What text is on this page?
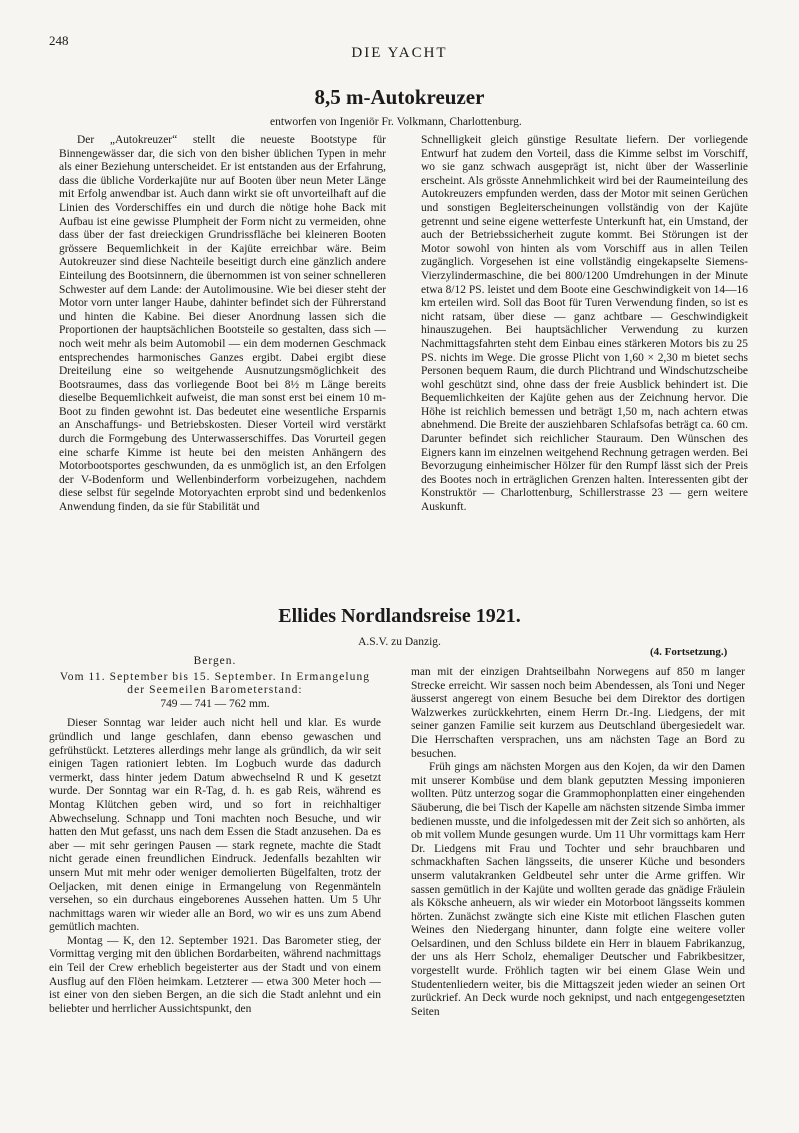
248
DIE YACHT
8,5 m-Autokreuzer
entworfen von Ingeniör Fr. Volkmann, Charlottenburg.

Der „Autokreuzer“ stellt die neueste Bootstype für Binnengewässer dar, die sich von den bisher üblichen Typen in mehr als einer Beziehung unterscheidet. Er ist entstanden aus der Erfahrung, dass die übliche Vorderkajüte nur auf Booten über neun Meter Länge mit Erfolg anwendbar ist. Auch dann wirkt sie oft unvorteilhaft auf die Linien des Vorderschiffes ein und durch die nötige hohe Back mit Aufbau ist eine gewisse Plumpheit der Form nicht zu vermeiden, ohne dass über der fast dreieckigen Grundrissfläche bei kleineren Booten grössere Bequemlichkeit in der Kajüte erreichbar wäre. Beim Autokreuzer sind diese Nachteile beseitigt durch eine gänzlich andere Einteilung des Bootsinnern, die übernommen ist von seiner schnelleren Schwester auf dem Lande: der Autolimousine. Wie bei dieser steht der Motor vorn unter langer Haube, dahinter befindet sich der Führerstand und hinten die Kabine. Bei dieser Anordnung lassen sich die Proportionen der hauptsächlichen Bootsteile so gestalten, dass sich — noch weit mehr als beim Automobil — ein dem modernen Geschmack entsprechendes harmonisches Ganzes ergibt. Dabei ergibt diese Dreiteilung eine so weitgehende Ausnutzungsmöglichkeit des Bootsraumes, dass das vorliegende Boot bei 8½ m Länge bereits dieselbe Bequemlichkeit aufweist, die man sonst erst bei einem 10 m-Boot zu finden gewohnt ist. Das bedeutet eine wesentliche Ersparnis an Anschaffungs- und Betriebskosten. Dieser Vorteil wird verstärkt durch die Formgebung des Unterwasserschiffes. Das Vorurteil gegen eine scharfe Kimme ist heute bei den meisten Anhängern des Motorbootsportes geschwunden, da es unmöglich ist, an den Erfolgen der V-Bodenform und Wellenbinderform vorbeizugehen, nachdem diese selbst für segelnde Motoryachten erprobt sind und bedenkenlos Anwendung finden, da sie für Stabilität und

Schnelligkeit gleich günstige Resultate liefern. Der vorliegende Entwurf hat zudem den Vorteil, dass die Kimme selbst im Vorschiff, wo sie ganz schwach ausgeprägt ist, nicht über der Wasserlinie erscheint. Als grösste Annehmlichkeit wird bei der Raumeinteilung des Autokreuzers empfunden werden, dass der Motor mit seinen Gerüchen und sonstigen Begleiterscheinungen vollständig von der Kajüte getrennt und seine eigene wetterfeste Unterkunft hat, ein Umstand, der auch der Betriebssicherheit zugute kommt. Bei Störungen ist der Motor sowohl von hinten als vom Vorschiff aus in allen Teilen zugänglich. Vorgesehen ist eine vollständig eingekapselte Siemens-Vierzylindermaschine, die bei 800/1200 Umdrehungen in der Minute etwa 8/12 PS. leistet und dem Boote eine Geschwindigkeit von 14—16 km erteilen wird. Soll das Boot für Turen Verwendung finden, so ist es nicht ratsam, über diese — ganz achtbare — Geschwindigkeit hinauszugehen. Bei hauptsächlicher Verwendung zu kurzen Nachmittagsfahrten steht dem Einbau eines stärkeren Motors bis zu 25 PS. nichts im Wege. Die grosse Plicht von 1,60 × 2,30 m bietet sechs Personen bequem Raum, die durch Plichtrand und Windschutzscheibe wohl geschützt sind, ohne dass der freie Ausblick behindert ist. Die Bequemlichkeiten der Kajüte gehen aus der Zeichnung hervor. Die Höhe ist reichlich bemessen und beträgt 1,50 m, nach achtern etwas abnehmend. Die Breite der ausziehbaren Schlafsofas beträgt ca. 60 cm. Darunter befindet sich reichlicher Stauraum. Den Wünschen des Eigners kann im einzelnen weitgehend Rechnung getragen werden. Bei Bevorzugung einheimischer Hölzer für den Rumpf lässt sich der Preis des Bootes noch in erträglichen Grenzen halten. Interessenten gibt der Konstruktör — Charlottenburg, Schillerstrasse 23 — gern weitere Auskunft.

Ellides Nordlandsreise 1921.
A.S.V. zu Danzig.
(4. Fortsetzung.)
Bergen.

Vom 11. September bis 15. September. In Ermangelung der Seemeilen Barometerstand:

749 — 741 — 762 mm.

Dieser Sonntag war leider auch nicht hell und klar. Es wurde gründlich und lange geschlafen, dann ebenso gewaschen und gefrühstückt. Letzteres allerdings mehr lange als gründlich, da wir seit einigen Tagen rationiert lebten. Im Logbuch wurde das dadurch vermerkt, dass hinter jedem Datum abwechselnd R und K gesetzt wurde. Der Sonntag war ein R-Tag, d. h. es gab Reis, während es Montag Klütchen geben wird, und so fort in reichhaltiger Abwechselung. Schnapp und Toni machten noch Besuche, und wir hatten den Mut gefasst, uns nach dem Essen die Stadt anzusehen. Da es aber — mit sehr geringen Pausen — stark regnete, machte die Stadt nicht gerade einen freundlichen Eindruck. Jedenfalls bezahlten wir unsern Mut mit mehr oder weniger demolierten Bügelfalten, trotz der Oeljacken, mit denen einige in Ermangelung von Regenmänteln versehen, so ein durchaus eingeborenes Aussehen hatten. Um 5 Uhr nachmittags waren wir wieder alle an Bord, wo wir es uns zum Abend gemütlich machten.

Montag — K, den 12. September 1921. Das Barometer stieg, der Vormittag verging mit den üblichen Bordarbeiten, während nachmittags ein Teil der Crew erheblich begeisterter aus der Stadt und von einem Ausflug auf den Flöen heimkam. Letzterer — etwa 300 Meter hoch — ist einer von den sieben Bergen, an die sich die Stadt anlehnt und ein beliebter und herrlicher Aussichtspunkt, den

man mit der einzigen Drahtseilbahn Norwegens auf 850 m langer Strecke erreicht. Wir sassen noch beim Abendessen, als Toni und Neger äusserst angeregt von einem Besuche bei dem Direktor des dortigen Walzwerkes zurückkehrten, einem Herrn Dr.-Ing. Liedgens, der mit seiner ganzen Familie seit kurzem aus Deutschland übergesiedelt war. Die Herrschaften versprachen, uns am nächsten Tage an Bord zu besuchen.

Früh gings am nächsten Morgen aus den Kojen, da wir den Damen mit unserer Kombüse und dem blank geputzten Messing imponieren wollten. Pütz unterzog sogar die Grammophonplatten einer eingehenden Säuberung, die bei Tisch der Kapelle am nächsten sitzende Simba immer bedienen musste, und die infolgedessen mit der Zeit sich so anhörten, als ob mit vollem Munde gesungen wurde. Um 11 Uhr vormittags kam Herr Dr. Liedgens mit Frau und Tochter und sehr brauchbaren und schmackhaften Sachen längsseits, die unserer Küche und besonders unserm valutakranken Geldbeutel sehr unter die Arme griffen. Wir sassen gemütlich in der Kajüte und wollten gerade das gnädige Fräulein als Köksche anheuern, als wir wieder ein Motorboot längsseits kommen hörten. Zunächst zwängte sich eine Kiste mit etlichen Flaschen guten Weines den Niedergang hinunter, dann folgte eine weitere voller Oelsardinen, und den Schluss bildete ein Herr in blauem Fabrikanzug, der uns als Herr Scholz, ehemaliger Deutscher und Fabrikbesitzer, vorgestellt wurde. Fröhlich tagten wir bei einem Glase Wein und Studentenliedern weiter, bis die Mittagszeit jeden wieder an seinen Ort zurückrief. An Deck wurde noch geknipst, und nach entgegengesetzten Seiten
